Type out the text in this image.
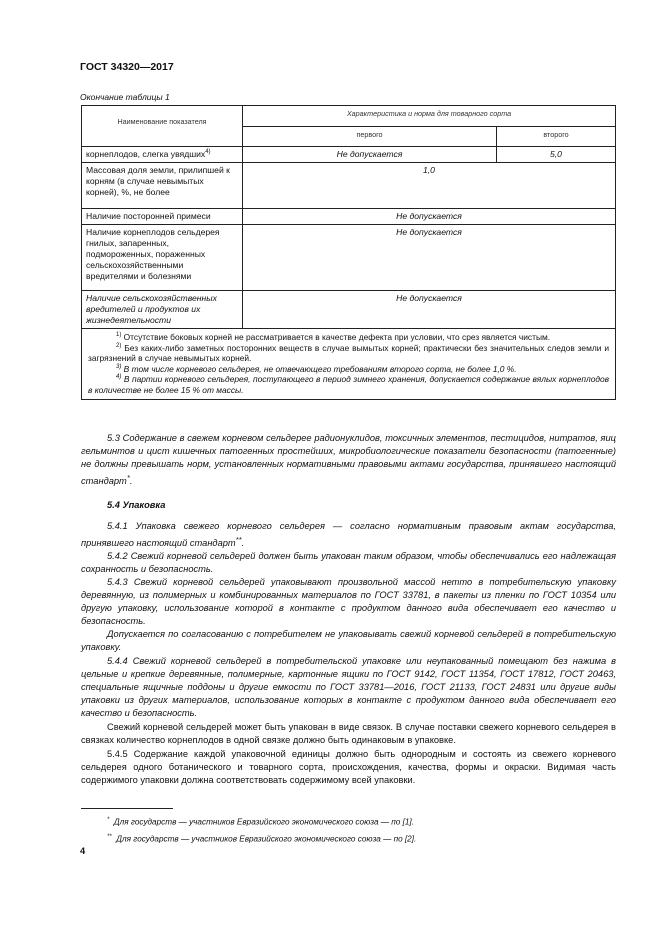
ГОСТ 34320—2017
Окончание таблицы 1
Наименование показателя	Характеристика и норма для товарного сорта	
	первого	второго
корнеплодов, слегка увядших$^{4)}$	Не допускается	5,0
Массовая доля земли, прилипшей к корням (в случае невымытых корней), %, не более	1,0	
Наличие посторонней примеси	Не допускается	
Наличие корнеплодов сельдерея гнилых, запаренных, подмороженных, пораженных сельскохозяйственными вредителями и болезнями	Не допускается	
Наличие сельскохозяйственных вредителей и продуктов их жизнедеятельности	Не допускается	

$^{1)}$ Отсутствие боковых корней не рассматривается в качестве дефекта при условии, что срез является чистым.
$^{2)}$ Без каких-либо заметных посторонних веществ в случае вымытых корней; практически без значительных следов земли и загрязнений в случае невымытых корней.
$^{3)}$ В том числе корневого сельдерея, не отвечающего требованиям второго сорта, не более 1,0 %.
$^{4)}$ В партии корневого сельдерея, поступающего в период зимнего хранения, допускается содержание вялых корнеплодов в количестве не более 15 % от массы.		

5.3 Содержание в свежем корневом сельдерее радионуклидов, токсичных элементов, пестицидов, нитратов, яиц гельминтов и цист кишечных патогенных простейших, микробиологические показатели безопасности (патогенные) не должны превышать норм, установленных нормативными правовыми актами государства, принявшего настоящий стандарт*.

5.4 Упаковка

5.4.1 Упаковка свежего корневого сельдерея — согласно нормативным правовым актам государства, принявшего настоящий стандарт**.

5.4.2 Свежий корневой сельдерей должен быть упакован таким образом, чтобы обеспечивались его надлежащая сохранность и безопасность.

5.4.3 Свежий корневой сельдерей упаковывают произвольной массой нетто в потребительскую упаковку деревянную, из полимерных и комбинированных материалов по ГОСТ 33781, в пакеты из пленки по ГОСТ 10354 или другую упаковку, использование которой в контакте с продуктом данного вида обеспечивает его качество и безопасность.

Допускается по согласованию с потребителем не упаковывать свежий корневой сельдерей в потребительскую упаковку.

5.4.4 Свежий корневой сельдерей в потребительской упаковке или неупакованный помещают без нажима в цельные и крепкие деревянные, полимерные, картонные ящики по ГОСТ 9142, ГОСТ 11354, ГОСТ 17812, ГОСТ 20463, специальные ящичные поддоны и другие емкости по ГОСТ 33781—2016, ГОСТ 21133, ГОСТ 24831 или другие виды упаковки из других материалов, использование которых в контакте с продуктом данного вида обеспечивает его качество и безопасность.

Свежий корневой сельдерей может быть упакован в виде связок. В случае поставки свежего корневого сельдерея в связках количество корнеплодов в одной связке должно быть одинаковым в упаковке.

5.4.5 Содержание каждой упаковочной единицы должно быть однородным и состоять из свежего корневого сельдерея одного ботанического и товарного сорта, происхождения, качества, формы и окраски. Видимая часть содержимого упаковки должна соответствовать содержимому всей упаковки.

* Для государств — участников Евразийского экономического союза — по [1].
** Для государств — участников Евразийского экономического союза — по [2].
4
